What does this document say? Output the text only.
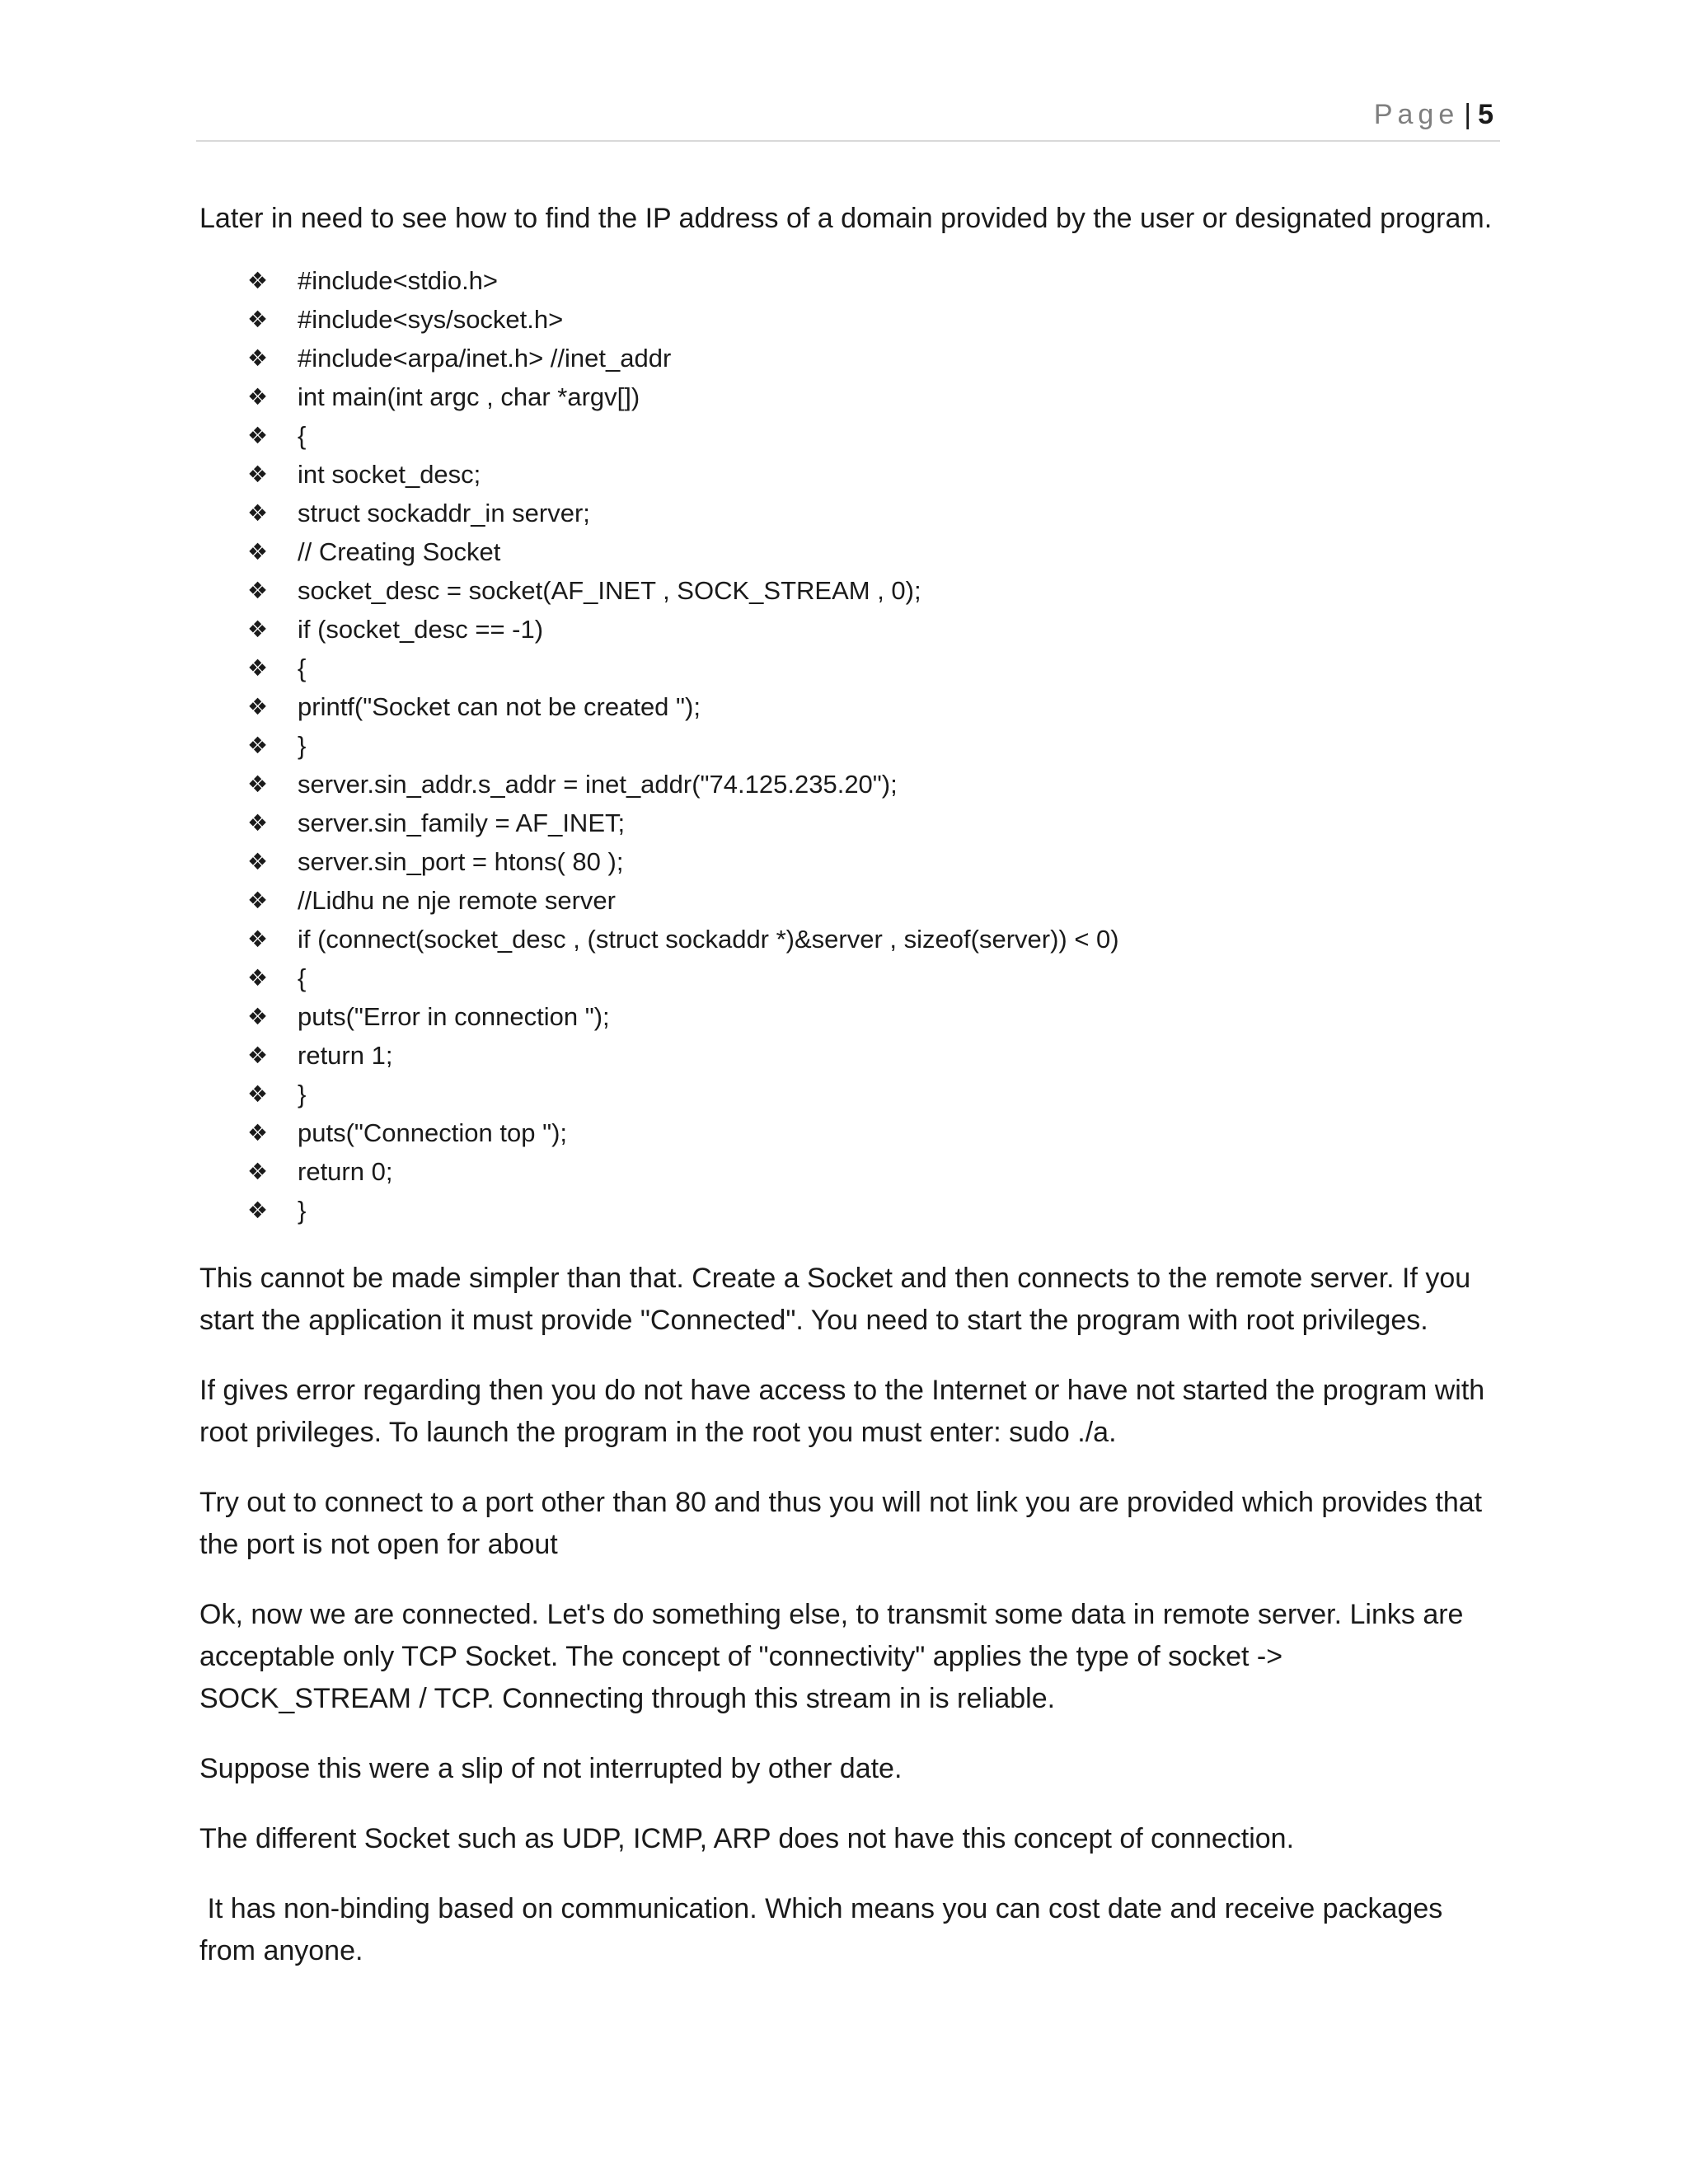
Page | 5

Later in need to see how to find the IP address of a domain provided by the user or designated program.

❖ #include<stdio.h>
❖ #include<sys/socket.h>
❖ #include<arpa/inet.h> //inet_addr
❖ int main(int argc , char *argv[])
❖ {
❖ int socket_desc;
❖ struct sockaddr_in server;
❖ // Creating Socket
❖ socket_desc = socket(AF_INET , SOCK_STREAM , 0);
❖ if (socket_desc == -1)
❖ {
❖ printf("Socket can not be created ");
❖ }
❖ server.sin_addr.s_addr = inet_addr("74.125.235.20");
❖ server.sin_family = AF_INET;
❖ server.sin_port = htons( 80 );
❖ //Lidhu ne nje remote server
❖ if (connect(socket_desc , (struct sockaddr *)&server , sizeof(server)) < 0)
❖ {
❖ puts("Error in connection ");
❖ return 1;
❖ }
❖ puts("Connection top ");
❖ return 0;
❖ }

This cannot be made simpler than that. Create a Socket and then connects to the remote server. If you start the application it must provide "Connected". You need to start the program with root privileges.

If gives error regarding then you do not have access to the Internet or have not started the program with root privileges. To launch the program in the root you must enter: sudo ./a.

Try out to connect to a port other than 80 and thus you will not link you are provided which provides that the port is not open for about

Ok, now we are connected. Let's do something else, to transmit some data in remote server. Links are acceptable only TCP Socket. The concept of "connectivity" applies the type of socket -> SOCK_STREAM / TCP. Connecting through this stream in is reliable.

Suppose this were a slip of not interrupted by other date.

The different Socket such as UDP, ICMP, ARP does not have this concept of connection.

It has non-binding based on communication. Which means you can cost date and receive packages from anyone.
